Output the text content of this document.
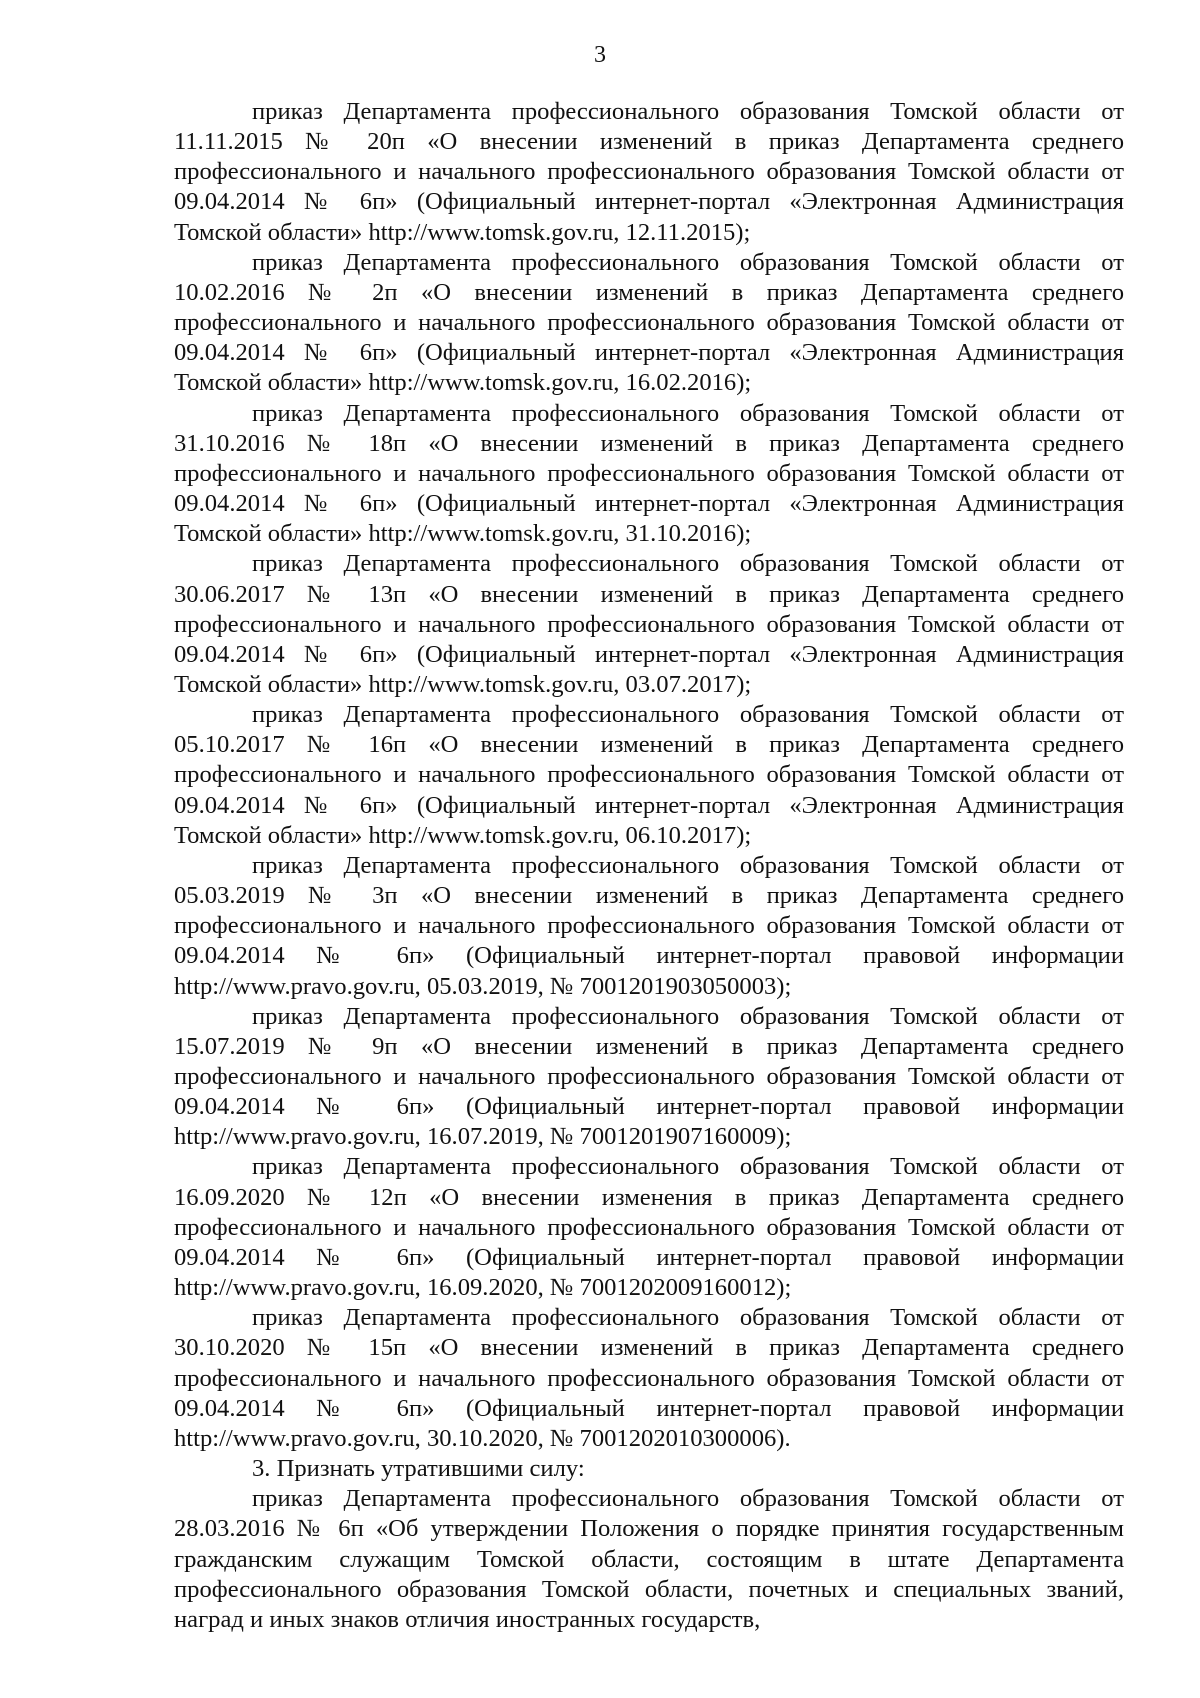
3

приказ Департамента профессионального образования Томской области от 11.11.2015 № 20п «О внесении изменений в приказ Департамента среднего профессионального и начального профессионального образования Томской области от 09.04.2014 № 6п» (Официальный интернет-портал «Электронная Администрация Томской области» http://www.tomsk.gov.ru, 12.11.2015);

приказ Департамента профессионального образования Томской области от 10.02.2016 № 2п «О внесении изменений в приказ Департамента среднего профессионального и начального профессионального образования Томской области от 09.04.2014 № 6п» (Официальный интернет-портал «Электронная Администрация Томской области» http://www.tomsk.gov.ru, 16.02.2016);

приказ Департамента профессионального образования Томской области от 31.10.2016 № 18п «О внесении изменений в приказ Департамента среднего профессионального и начального профессионального образования Томской области от 09.04.2014 № 6п» (Официальный интернет-портал «Электронная Администрация Томской области» http://www.tomsk.gov.ru, 31.10.2016);

приказ Департамента профессионального образования Томской области от 30.06.2017 № 13п «О внесении изменений в приказ Департамента среднего профессионального и начального профессионального образования Томской области от 09.04.2014 № 6п» (Официальный интернет-портал «Электронная Администрация Томской области» http://www.tomsk.gov.ru, 03.07.2017);

приказ Департамента профессионального образования Томской области от 05.10.2017 № 16п «О внесении изменений в приказ Департамента среднего профессионального и начального профессионального образования Томской области от 09.04.2014 № 6п» (Официальный интернет-портал «Электронная Администрация Томской области» http://www.tomsk.gov.ru, 06.10.2017);

приказ Департамента профессионального образования Томской области от 05.03.2019 № 3п «О внесении изменений в приказ Департамента среднего профессионального и начального профессионального образования Томской области от 09.04.2014 № 6п» (Официальный интернет-портал правовой информации http://www.pravo.gov.ru, 05.03.2019, № 7001201903050003);

приказ Департамента профессионального образования Томской области от 15.07.2019 № 9п «О внесении изменений в приказ Департамента среднего профессионального и начального профессионального образования Томской области от 09.04.2014 № 6п» (Официальный интернет-портал правовой информации http://www.pravo.gov.ru, 16.07.2019, № 7001201907160009);

приказ Департамента профессионального образования Томской области от 16.09.2020 № 12п «О внесении изменения в приказ Департамента среднего профессионального и начального профессионального образования Томской области от 09.04.2014 № 6п» (Официальный интернет-портал правовой информации http://www.pravo.gov.ru, 16.09.2020, № 7001202009160012);

приказ Департамента профессионального образования Томской области от 30.10.2020 № 15п «О внесении изменений в приказ Департамента среднего профессионального и начального профессионального образования Томской области от 09.04.2014 № 6п» (Официальный интернет-портал правовой информации http://www.pravo.gov.ru, 30.10.2020, № 7001202010300006).

3. Признать утратившими силу:

приказ Департамента профессионального образования Томской области от 28.03.2016 № 6п «Об утверждении Положения о порядке принятия государственным гражданским служащим Томской области, состоящим в штате Департамента профессионального образования Томской области, почетных и специальных званий, наград и иных знаков отличия иностранных государств,
